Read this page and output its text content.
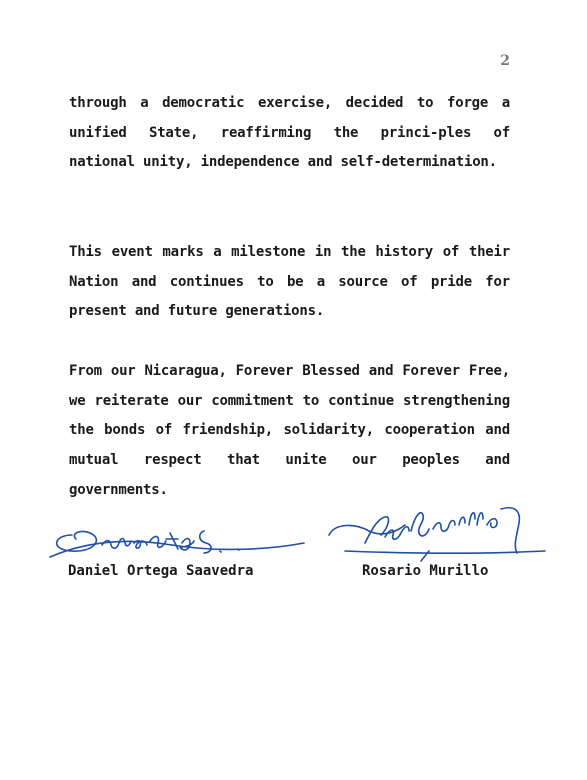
2

through a democratic exercise, decided to forge a unified State, reaffirming the princi-ples of national unity, independence and self-determination.

This event marks a milestone in the history of their Nation and continues to be a source of pride for present and future generations.

From our Nicaragua, Forever Blessed and Forever Free, we reiterate our commitment to continue strengthening the bonds of friendship, solidarity, cooperation and mutual respect that unite our peoples and governments.

Daniel Ortega Saavedra	Rosario Murillo
